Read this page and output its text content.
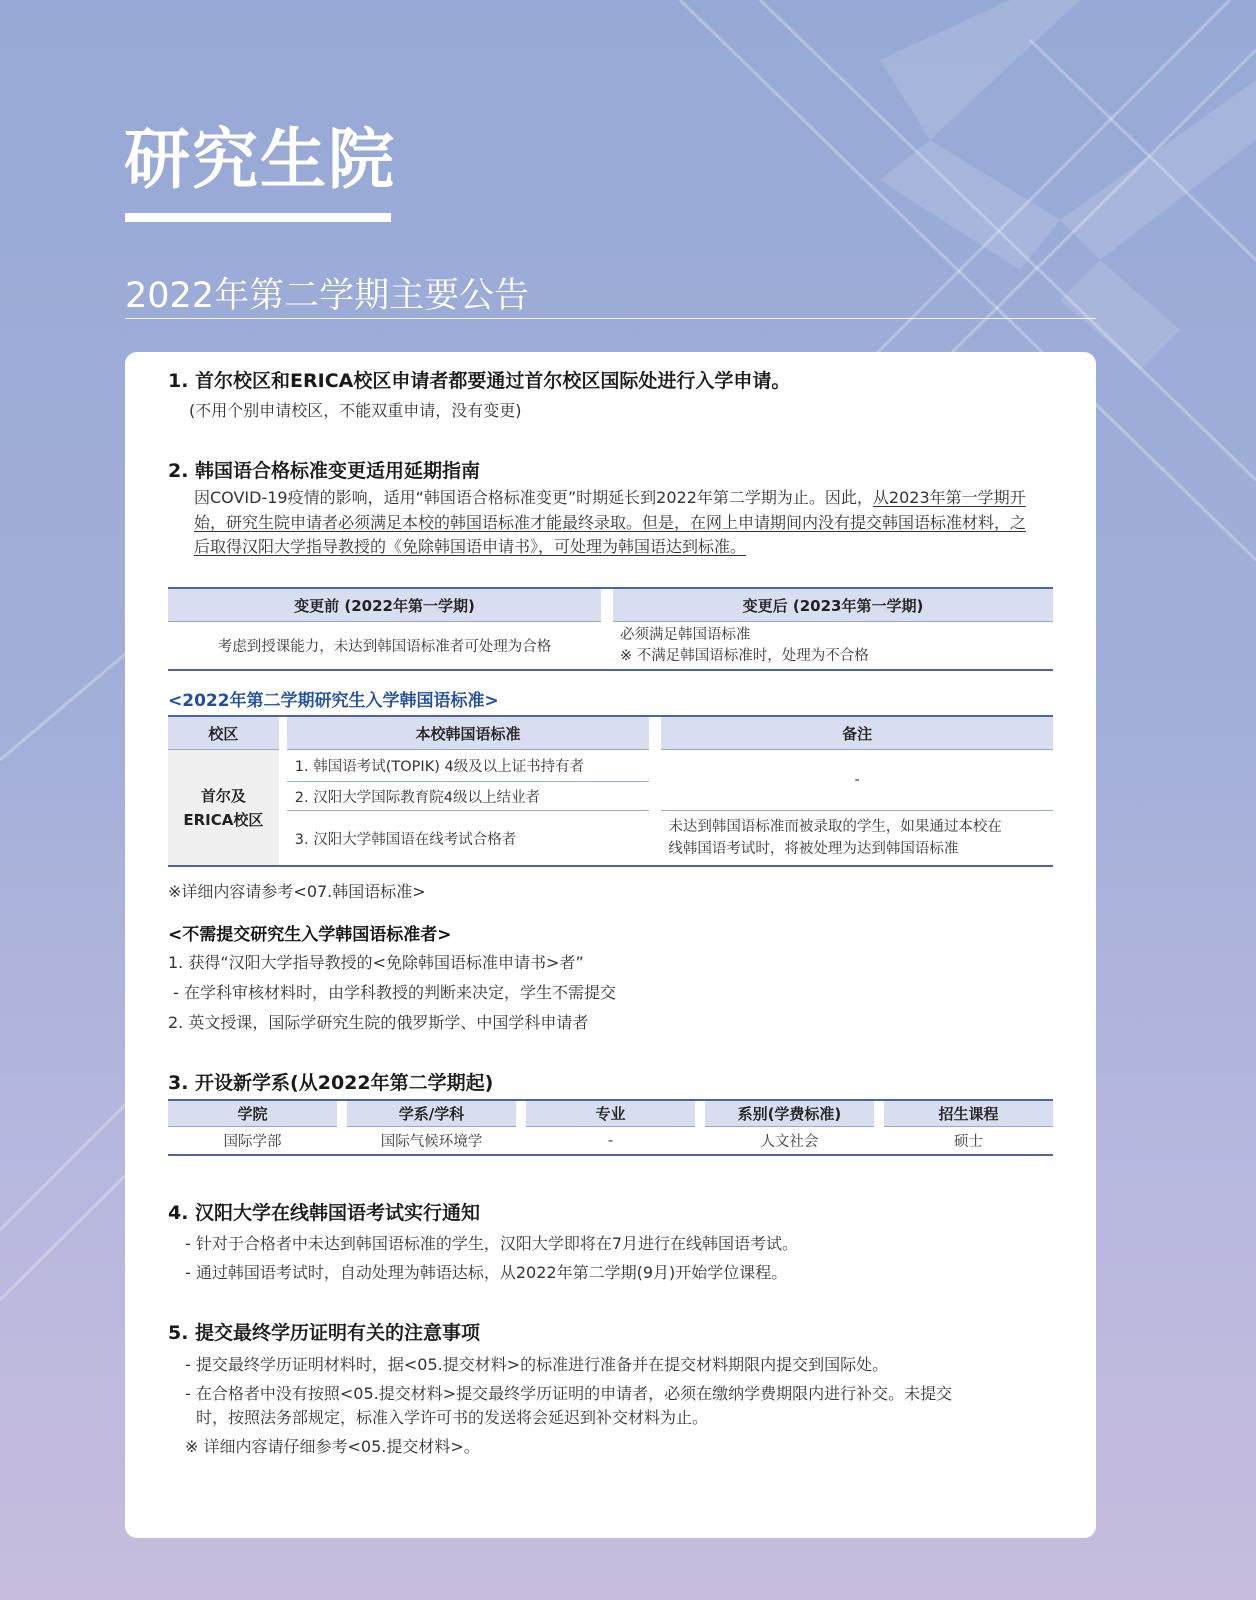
研究生院
2022年第二学期主要公告
1. 首尔校区和ERICA校区申请者都要通过首尔校区国际处进行入学申请。
(不用个别申请校区，不能双重申请，没有变更)
2. 韩国语合格标准变更适用延期指南
因COVID-19疫情的影响，适用“韩国语合格标准变更”时期延长到2022年第二学期为止。因此，从2023年第一学期开始，研究生院申请者必须满足本校的韩国语标准才能最终录取。但是，在网上申请期间内没有提交韩国语标准材料，之后取得汉阳大学指导教授的《免除韩国语申请书》，可处理为韩国语达到标准。
变更前 (2022年第一学期)		变更后 (2023年第一学期)
考虑到授课能力，未达到韩国语标准者可处理为合格		必须满足韩国语标准
※ 不满足韩国语标准时，处理为不合格
<2022年第二学期研究生入学韩国语标准>
校区		本校韩国语标准		备注

首尔及
ERICA校区		1. 韩国语考试(TOPIK) 4级及以上证书持有者		-
		2. 汉阳大学国际教育院4级以上结业者		
		3. 汉阳大学韩国语在线考试合格者		未达到韩国语标准而被录取的学生，如果通过本校在
线韩国语考试时，将被处理为达到韩国语标准
※详细内容请参考<07.韩国语标准>
<不需提交研究生入学韩国语标准者>
1. 获得“汉阳大学指导教授的<免除韩国语标准申请书>者”
- 在学科审核材料时，由学科教授的判断来决定，学生不需提交
2. 英文授课，国际学研究生院的俄罗斯学、中国学科申请者
3. 开设新学系(从2022年第二学期起)
学院		学系/学科		专业		系别(学费标准)		招生课程
国际学部		国际气候环境学		-		人文社会		硕士
4. 汉阳大学在线韩国语考试实行通知
- 针对于合格者中未达到韩国语标准的学生，汉阳大学即将在7月进行在线韩国语考试。
- 通过韩国语考试时，自动处理为韩语达标，从2022年第二学期(9月)开始学位课程。
5. 提交最终学历证明有关的注意事项
- 提交最终学历证明材料时，据<05.提交材料>的标准进行准备并在提交材料期限内提交到国际处。
- 在合格者中没有按照<05.提交材料>提交最终学历证明的申请者，必须在缴纳学费期限内进行补交。未提交
时，按照法务部规定，标准入学许可书的发送将会延迟到补交材料为止。
※ 详细内容请仔细参考<05.提交材料>。
